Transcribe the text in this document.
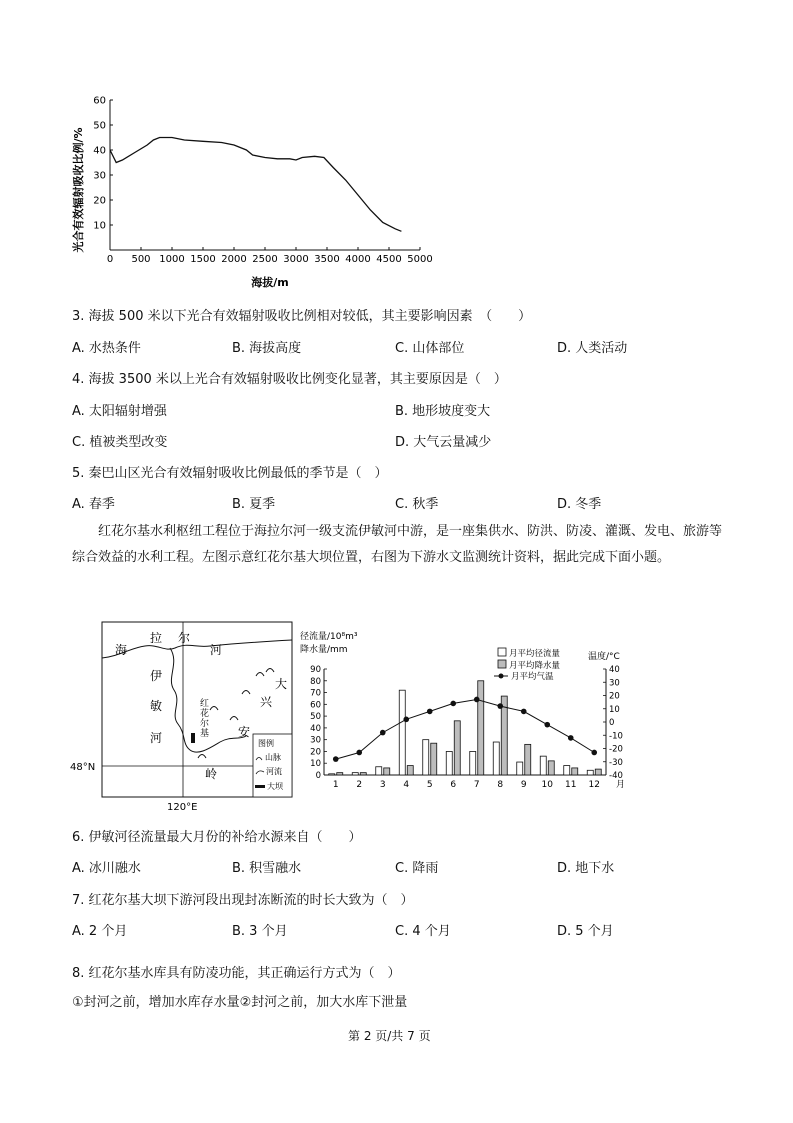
0 500 1000 1500 2000 2500 3000 3500 4000 4500 5000
10
20
30
40
50
60
光合有效辐射吸收比例/%
海拔/m
3. 海拔 500 米以下光合有效辐射吸收比例相对较低，其主要影响因素　（　　）
A. 水热条件	B. 海拔高度	C. 山体部位	D. 人类活动
4. 海拔 3500 米以上光合有效辐射吸收比例变化显著，其主要原因是（　）
A. 太阳辐射增强	B. 地形坡度变大
C. 植被类型改变	D. 大气云量减少
5. 秦巴山区光合有效辐射吸收比例最低的季节是（　）
A. 春季	B. 夏季	C. 秋季	D. 冬季
红花尔基水利枢纽工程位于海拉尔河一级支流伊敏河中游，是一座集供水、防洪、防凌、灌溉、发电、旅游等综合效益的水利工程。左图示意红花尔基大坝位置，右图为下游水文监测统计资料，据此完成下面小题。
海
拉 尔
河
伊
敏
河
红
花
尔
基
大
兴
安
岭
图例
山脉
河流
大坝
48°N
120°E
0
10
20
30
40
50
60
70
80
90
-40
-30
-20
-10
0
10
20
30
40
1 2 3 4 5 6 7 8 9 10 11 12 月
月平均径流量
月平均降水量
月平均气温
径流量/10⁸m³
降水量/mm
温度/°C
6. 伊敏河径流量最大月份的补给水源来自（　　）
A. 冰川融水	B. 积雪融水	C. 降雨	D. 地下水
7. 红花尔基大坝下游河段出现封冻断流的时长大致为（　）
A. 2 个月	B. 3 个月	C. 4 个月	D. 5 个月
8. 红花尔基水库具有防凌功能，其正确运行方式为（　）
①封河之前，增加水库存水量②封河之前，加大水库下泄量
第 2 页/共 7 页
